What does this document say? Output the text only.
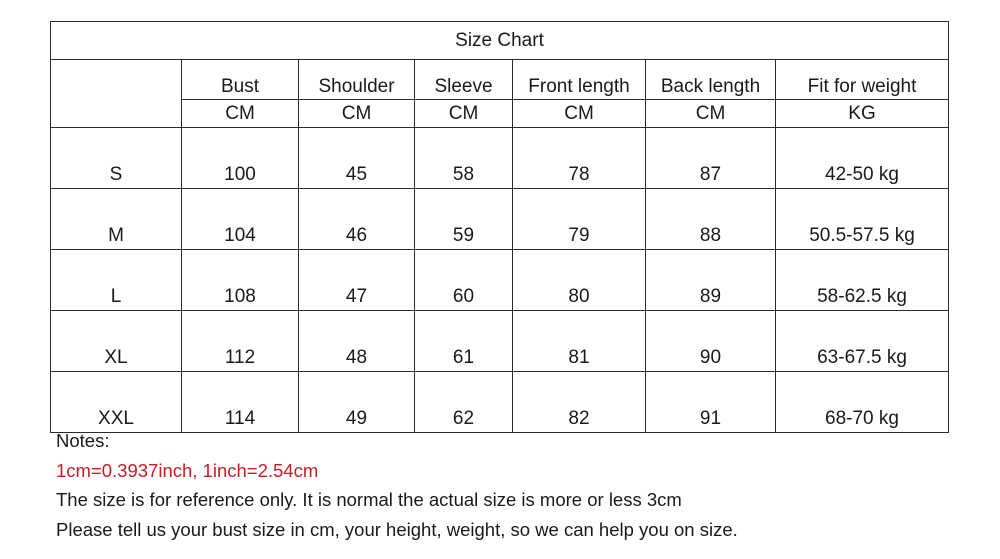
Size Chart						
	Bust	Shoulder	Sleeve	Front length	Back length	Fit for weight
	CM	CM	CM	CM	CM	KG
S	100	45	58	78	87	42-50 kg
M	104	46	59	79	88	50.5-57.5 kg
L	108	47	60	80	89	58-62.5 kg
XL	112	48	61	81	90	63-67.5 kg
XXL	114	49	62	82	91	68-70 kg
Notes:
1cm=0.3937inch, 1inch=2.54cm
The size is for reference only. It is normal the actual size is more or less 3cm
Please tell us your bust size in cm, your height, weight, so we can help you on size.
